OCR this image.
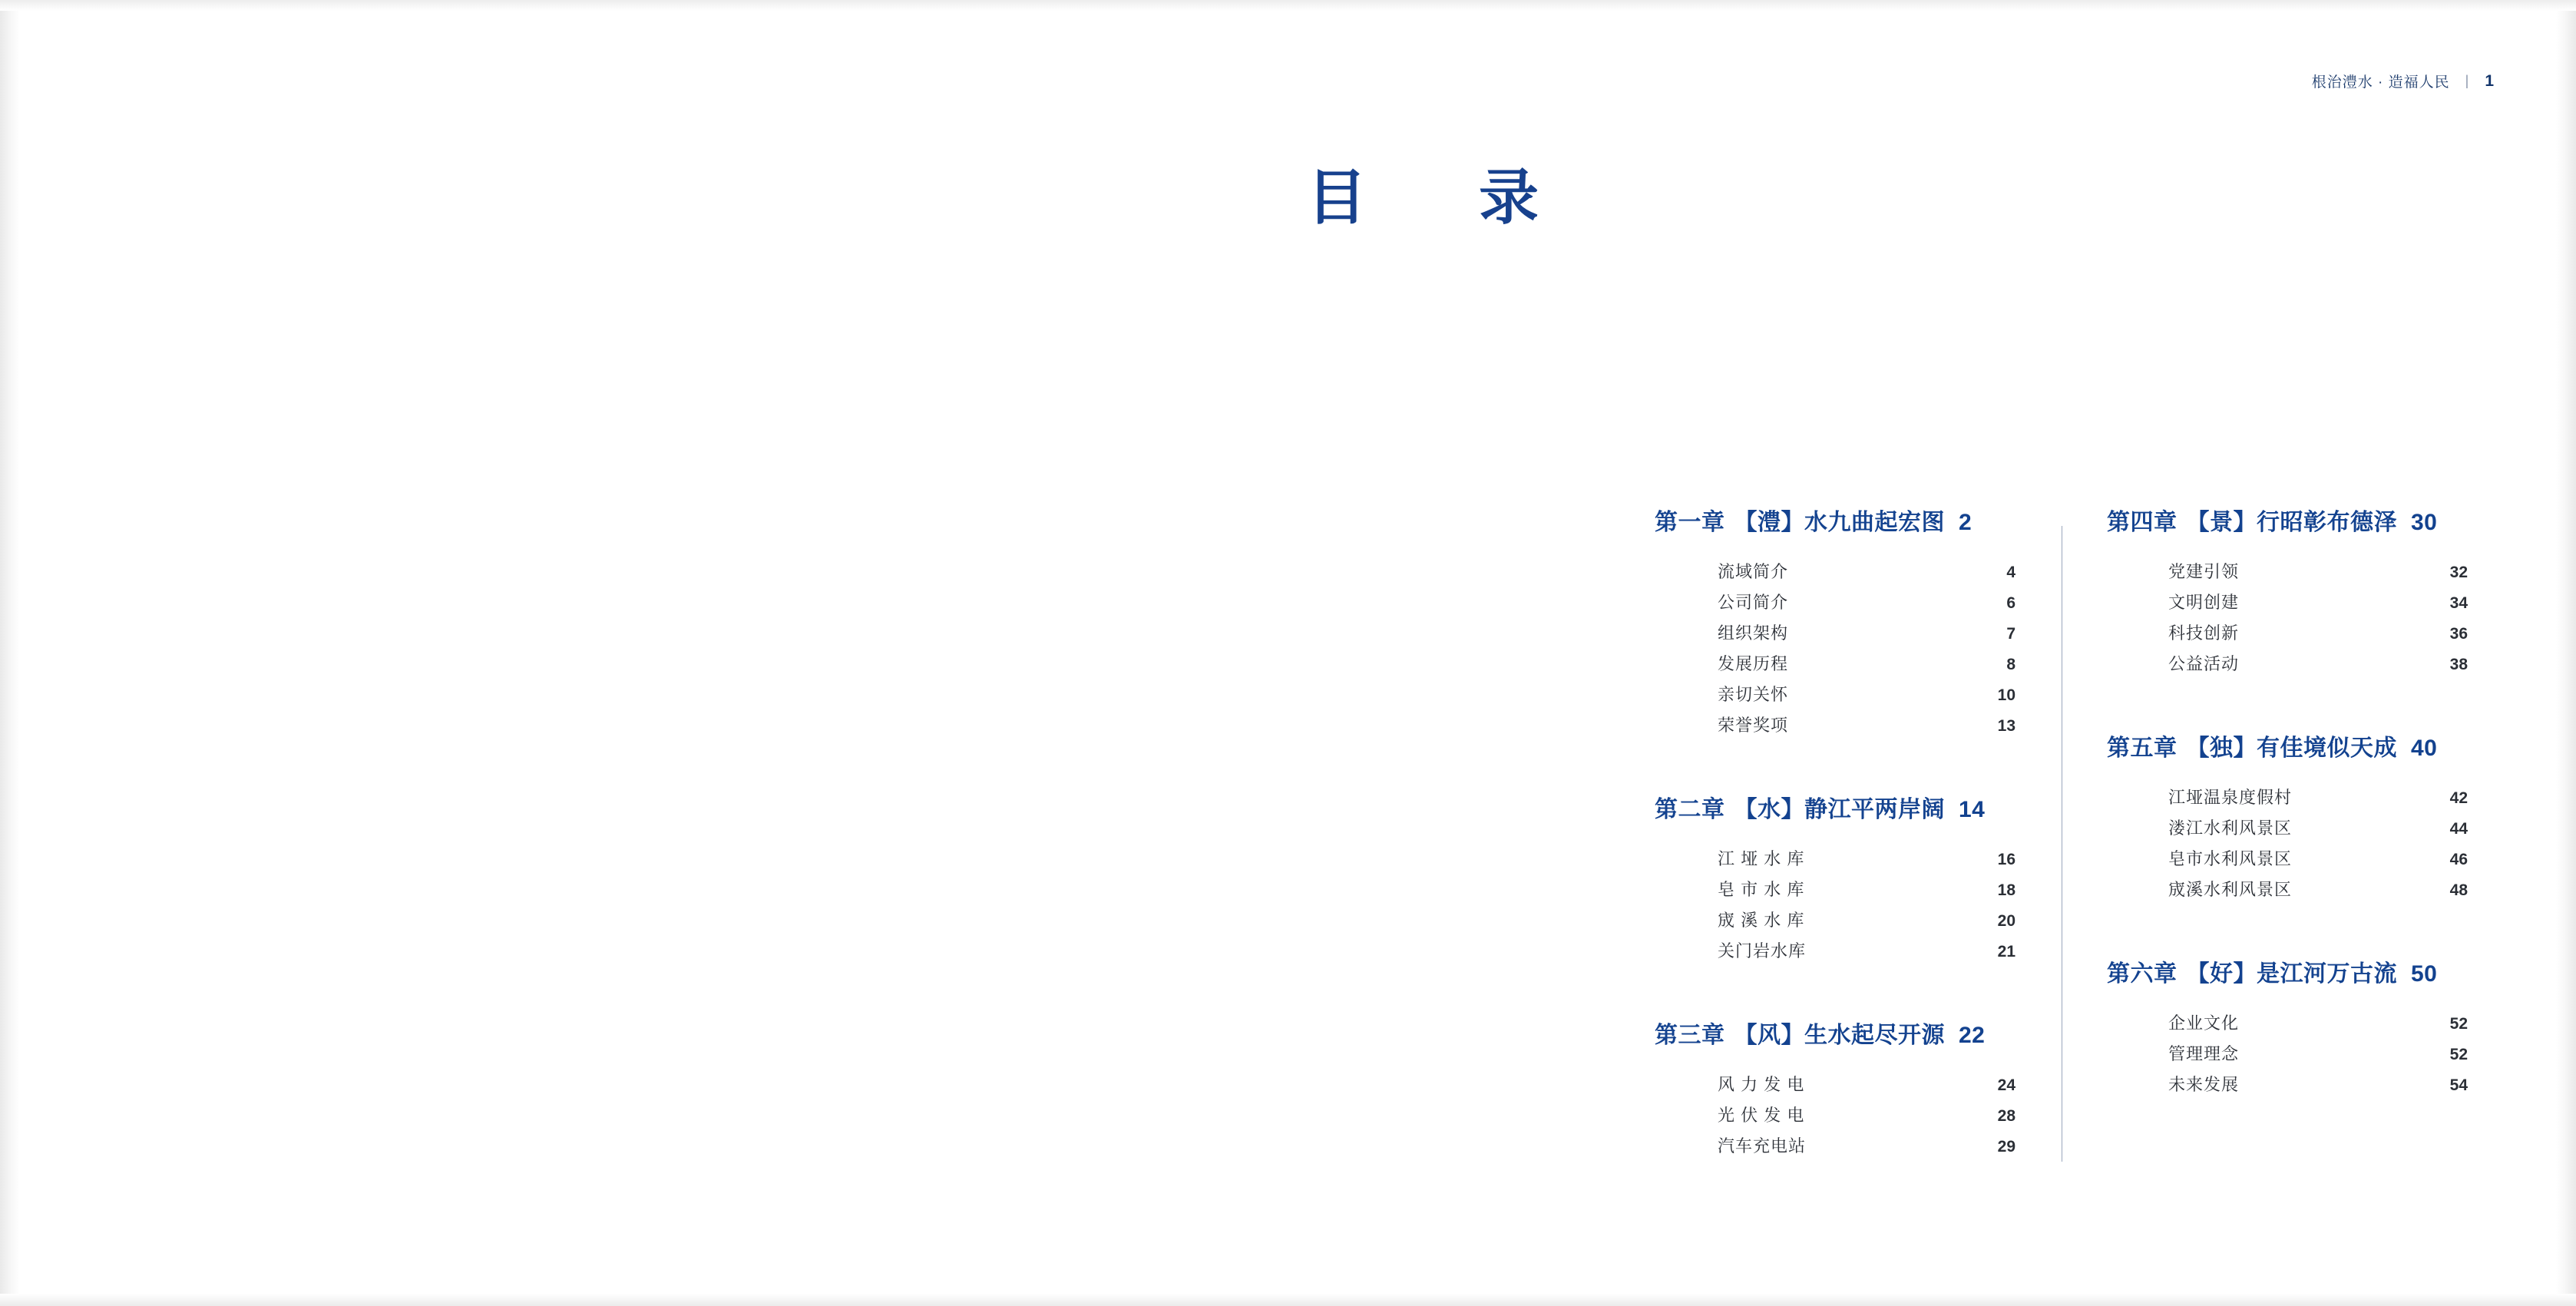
根治澧水 · 造福人民 | 1
目　录
第一章 【澧】水九曲起宏图 2
流域简介	4
公司简介	6
组织架构	7
发展历程	8
亲切关怀	10
荣誉奖项	13
第二章 【水】静江平两岸阔 14
江 垭 水 库	16
皂 市 水 库	18
宬 溪 水 库	20
关门岩水库	21
第三章 【风】生水起尽开源 22
风 力 发 电	24
光 伏 发 电	28
汽车充电站	29
第四章 【景】行昭彰布德泽 30
党建引领	32
文明创建	34
科技创新	36
公益活动	38
第五章 【独】有佳境似天成 40
江垭温泉度假村	42
溇江水利风景区	44
皂市水利风景区	46
宬溪水利风景区	48
第六章 【好】是江河万古流 50
企业文化	52
管理理念	52
未来发展	54
